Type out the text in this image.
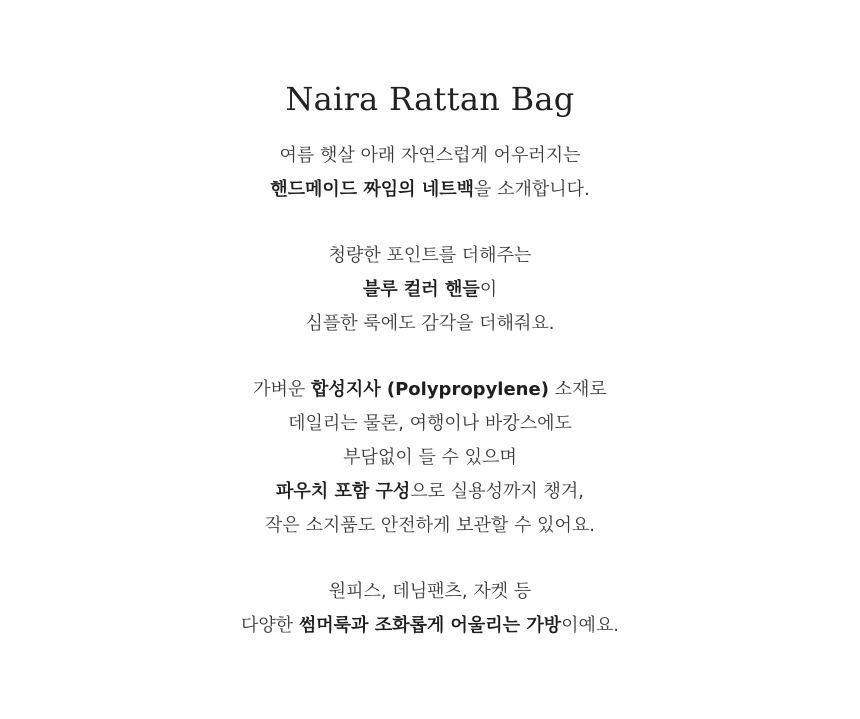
Naira Rattan Bag
여름 햇살 아래 자연스럽게 어우러지는
핸드메이드 짜임의 네트백을 소개합니다.
청량한 포인트를 더해주는
블루 컬러 핸들이
심플한 룩에도 감각을 더해줘요.
가벼운 합성지사 (Polypropylene) 소재로
데일리는 물론, 여행이나 바캉스에도
부담없이 들 수 있으며
파우치 포함 구성으로 실용성까지 챙겨,
작은 소지품도 안전하게 보관할 수 있어요.
원피스, 데님팬츠, 자켓 등
다양한 썸머룩과 조화롭게 어울리는 가방이예요.
